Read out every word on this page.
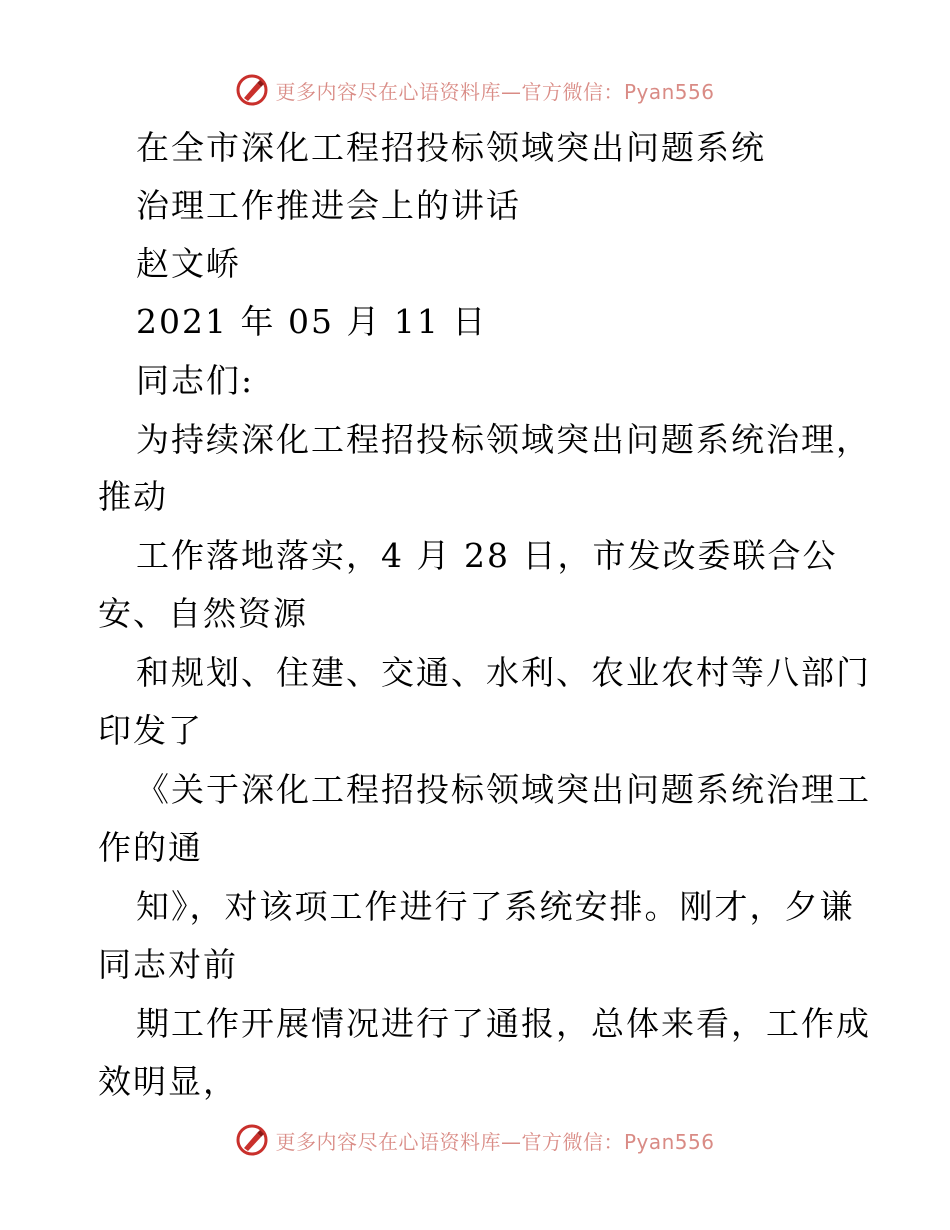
更多内容尽在心语资料库—官方微信：Pyan556
在全市深化工程招投标领域突出问题系统
治理工作推进会上的讲话
赵文峤
2021 年 05 月 11 日
同志们:
为持续深化工程招投标领域突出问题系统治理，
推动
工作落地落实，4 月 28 日，市发改委联合公
安、自然资源
和规划、住建、交通、水利、农业农村等八部门
印发了
《关于深化工程招投标领域突出问题系统治理工
作的通
知》，对该项工作进行了系统安排。刚才，夕谦
同志对前
期工作开展情况进行了通报，总体来看，工作成
效明显，
更多内容尽在心语资料库—官方微信：Pyan556
